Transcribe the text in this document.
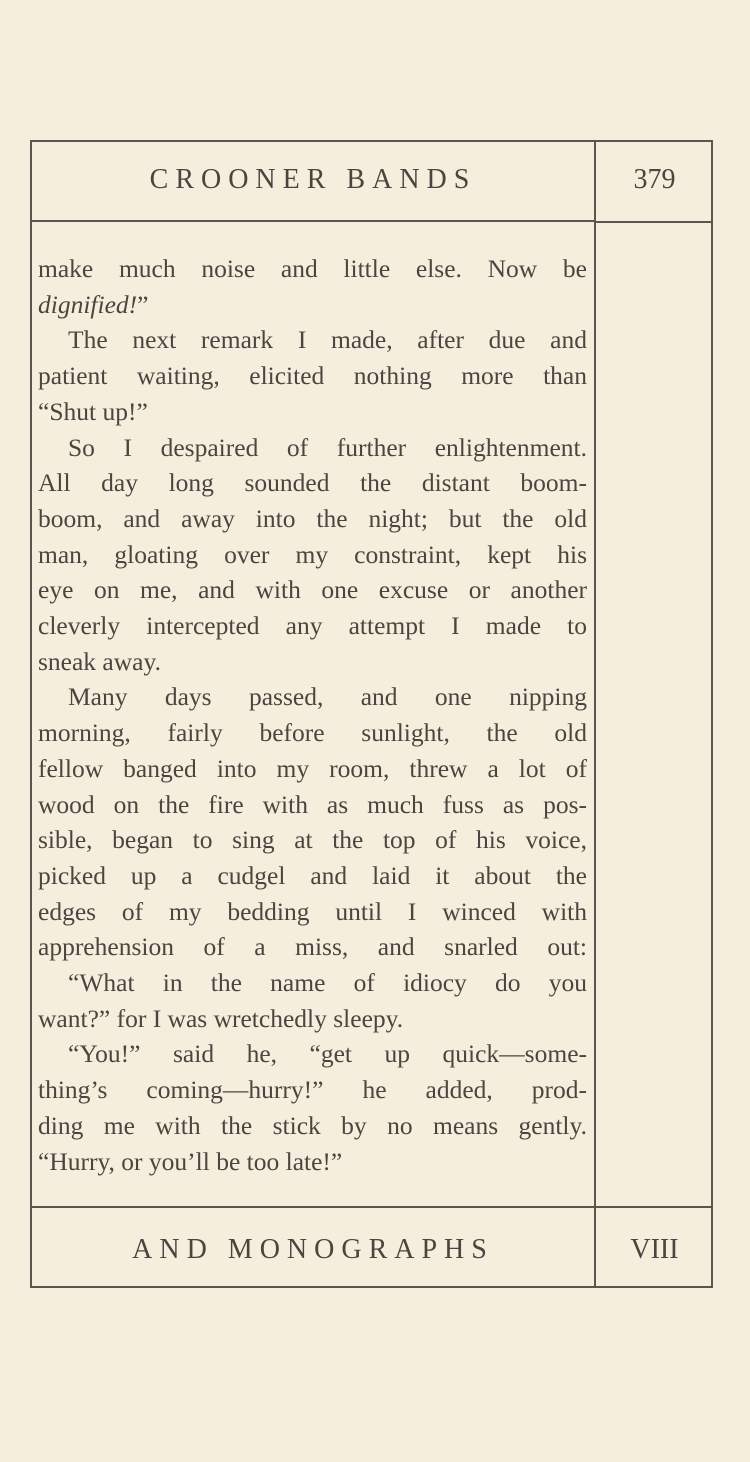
CROONER BANDS	379
make much noise and little else. Now be
dignified!”
The next remark I made, after due and
patient waiting, elicited nothing more than
“Shut up!”
So I despaired of further enlightenment.
All day long sounded the distant boom-
boom, and away into the night; but the old
man, gloating over my constraint, kept his
eye on me, and with one excuse or another
cleverly intercepted any attempt I made to
sneak away.
Many days passed, and one nipping
morning, fairly before sunlight, the old
fellow banged into my room, threw a lot of
wood on the fire with as much fuss as pos-
sible, began to sing at the top of his voice,
picked up a cudgel and laid it about the
edges of my bedding until I winced with
apprehension of a miss, and snarled out:
“What in the name of idiocy do you
want?” for I was wretchedly sleepy.
“You!” said he, “get up quick—some-
thing’s coming—hurry!” he added, prod-
ding me with the stick by no means gently.
“Hurry, or you’ll be too late!”
AND MONOGRAPHS	VIII
